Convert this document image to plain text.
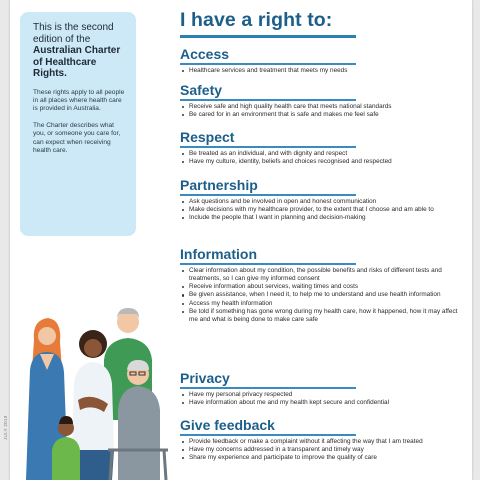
This is the second edition of the
Australian Charter of Healthcare Rights.

These rights apply to all people in all places where health care is provided in Australia.

The Charter describes what you, or someone you care for, can expect when receiving health care.

JULY 2019
I have a right to:
Access
Healthcare services and treatment that meets my needs
Safety
Receive safe and high quality health care that meets national standards
Be cared for in an environment that is safe and makes me feel safe
Respect
Be treated as an individual, and with dignity and respect
Have my culture, identity, beliefs and choices recognised and respected
Partnership
Ask questions and be involved in open and honest communication
Make decisions with my healthcare provider, to the extent that I choose and am able to
Include the people that I want in planning and decision-making
Information
Clear information about my condition, the possible benefits and risks of different tests and treatments, so I can give my informed consent
Receive information about services, waiting times and costs
Be given assistance, when I need it, to help me to understand and use health information
Access my health information
Be told if something has gone wrong during my health care, how it happened, how it may affect me and what is being done to make care safe
Privacy
Have my personal privacy respected
Have information about me and my health kept secure and confidential
Give feedback
Provide feedback or make a complaint without it affecting the way that I am treated
Have my concerns addressed in a transparent and timely way
Share my experience and participate to improve the quality of care
